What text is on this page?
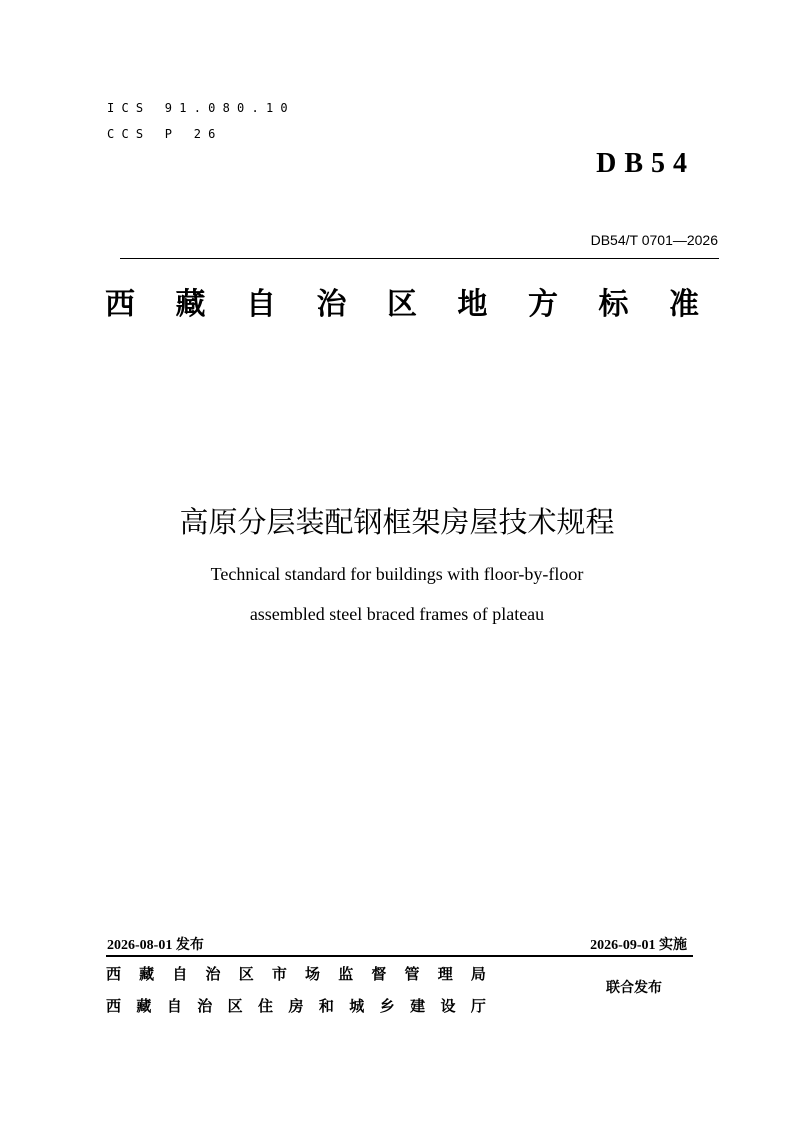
I C S   9 1 . 0 8 0 . 1 0
C C S   P   2 6
DB54
DB54/T 0701—2026
西 藏 自 治 区 地 方 标 准
高原分层装配钢框架房屋技术规程
Technical standard for buildings with floor-by-floor
assembled steel braced frames of plateau
2026-08-01 发布	2026-09-01 实施
西 藏 自 治 区 市 场 监 督 管 理 局
西 藏 自 治 区 住 房 和 城 乡 建 设 厅
联合发布
